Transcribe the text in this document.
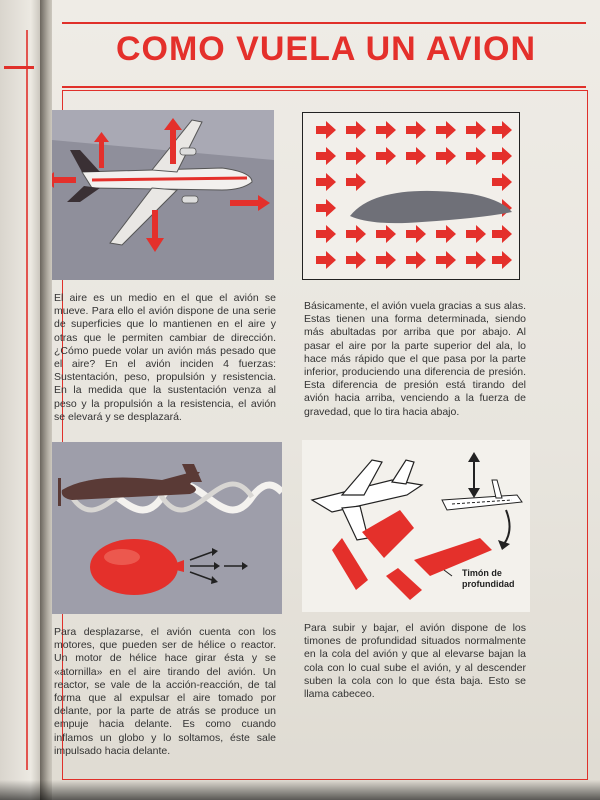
COMO VUELA UN AVION
Timón de profundidad

El aire es un medio en el que el avión se mueve. Para ello el avión dispone de una serie de superficies que lo mantienen en el aire y otras que le permiten cambiar de dirección. ¿Cómo puede volar un avión más pesado que el aire? En el avión inciden 4 fuerzas: Sustentación, peso, propulsión y resistencia. En la medida que la sustentación venza al peso y la propulsión a la resistencia, el avión se elevará y se desplazará.

Básicamente, el avión vuela gracias a sus alas. Estas tienen una forma determinada, siendo más abultadas por arriba que por abajo. Al pasar el aire por la parte superior del ala, lo hace más rápido que el que pasa por la parte inferior, produciendo una diferencia de presión. Esta diferencia de presión está tirando del avión hacia arriba, venciendo a la fuerza de gravedad, que lo tira hacia abajo.

Para desplazarse, el avión cuenta con los motores, que pueden ser de hélice o reactor. Un motor de hélice hace girar ésta y se «atornilla» en el aire tirando del avión. Un reactor, se vale de la acción-reacción, de tal forma que al expulsar el aire tomado por delante, por la parte de atrás se produce un empuje hacia delante. Es como cuando inflamos un globo y lo soltamos, éste sale impulsado hacia delante.

Para subir y bajar, el avión dispone de los timones de profundidad situados normalmente en la cola del avión y que al elevarse bajan la cola con lo cual sube el avión, y al descender suben la cola con lo que ésta baja. Esto se llama cabeceo.
